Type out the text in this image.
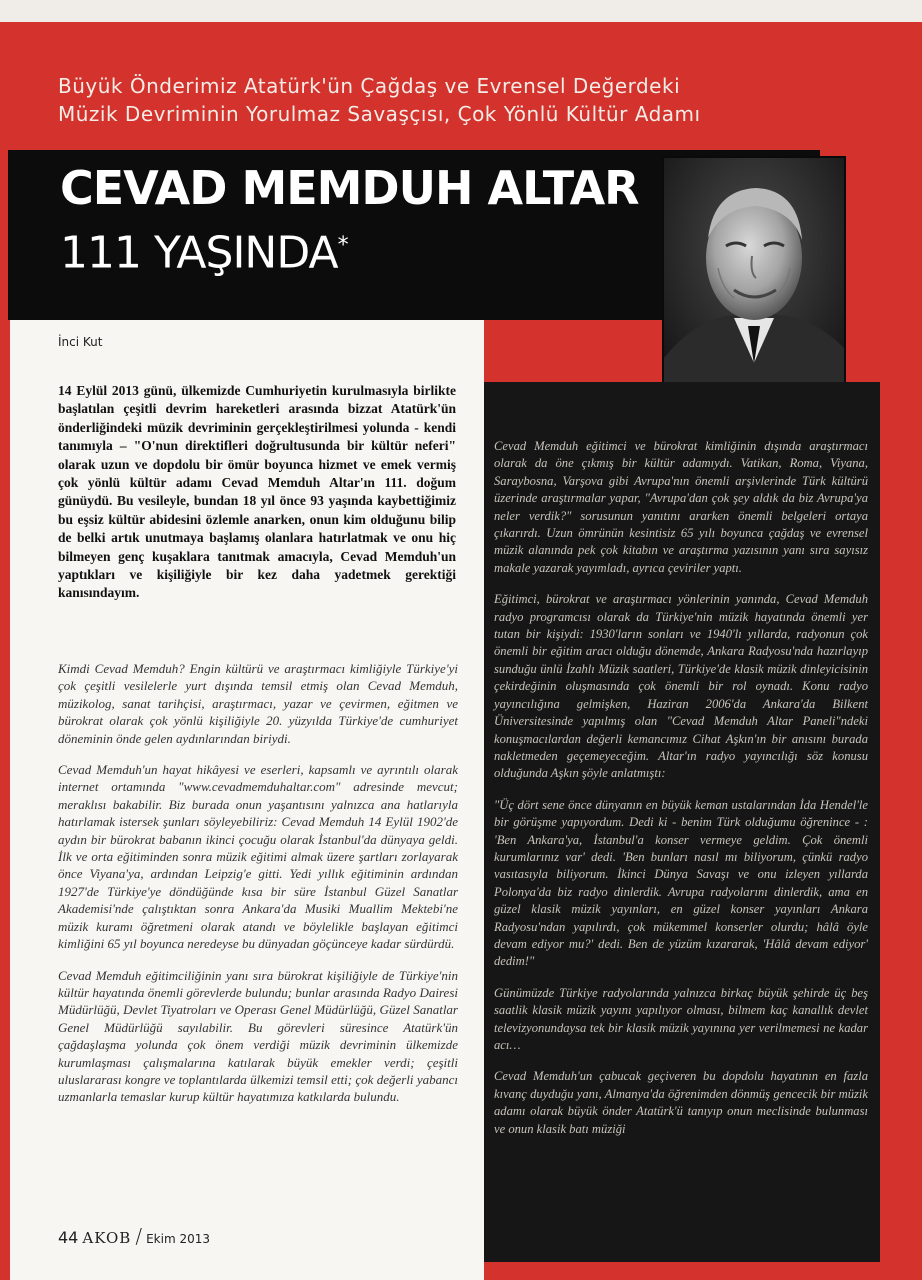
Büyük Önderimiz Atatürk'ün Çağdaş ve Evrensel Değerdeki
Müzik Devriminin Yorulmaz Savaşçısı, Çok Yönlü Kültür Adamı
CEVAD MEMDUH ALTAR
111 YAŞINDA*
İnci Kut

14 Eylül 2013 günü, ülkemizde Cumhuriyetin kurulmasıyla birlikte başlatılan çeşitli devrim hareketleri arasında bizzat Atatürk'ün önderliğindeki müzik devriminin gerçekleştirilmesi yolunda - kendi tanımıyla – "O'nun direktifleri doğrultusunda bir kültür neferi" olarak uzun ve dopdolu bir ömür boyunca hizmet ve emek vermiş çok yönlü kültür adamı Cevad Memduh Altar'ın 111. doğum günüydü. Bu vesileyle, bundan 18 yıl önce 93 yaşında kaybettiğimiz bu eşsiz kültür abidesini özlemle anarken, onun kim olduğunu bilip de belki artık unutmaya başlamış olanlara hatırlatmak ve onu hiç bilmeyen genç kuşaklara tanıtmak amacıyla, Cevad Memduh'un yaptıkları ve kişiliğiyle bir kez daha yadetmek gerektiği kanısındayım.

Kimdi Cevad Memduh? Engin kültürü ve araştırmacı kimliğiyle Türkiye'yi çok çeşitli vesilelerle yurt dışında temsil etmiş olan Cevad Memduh, müzikolog, sanat tarihçisi, araştırmacı, yazar ve çevirmen, eğitmen ve bürokrat olarak çok yönlü kişiliğiyle 20. yüzyılda Türkiye'de cumhuriyet döneminin önde gelen aydınlarından biriydi.

Cevad Memduh'un hayat hikâyesi ve eserleri, kapsamlı ve ayrıntılı olarak internet ortamında "www.cevadmemduhaltar.com" adresinde mevcut; meraklısı bakabilir. Biz burada onun yaşantısını yalnızca ana hatlarıyla hatırlamak istersek şunları söyleyebiliriz: Cevad Memduh 14 Eylül 1902'de aydın bir bürokrat babanın ikinci çocuğu olarak İstanbul'da dünyaya geldi. İlk ve orta eğitiminden sonra müzik eğitimi almak üzere şartları zorlayarak önce Viyana'ya, ardından Leipzig'e gitti. Yedi yıllık eğitiminin ardından 1927'de Türkiye'ye döndüğünde kısa bir süre İstanbul Güzel Sanatlar Akademisi'nde çalıştıktan sonra Ankara'da Musiki Muallim Mektebi'ne müzik kuramı öğretmeni olarak atandı ve böylelikle başlayan eğitimci kimliğini 65 yıl boyunca neredeyse bu dünyadan göçünceye kadar sürdürdü.

Cevad Memduh eğitimciliğinin yanı sıra bürokrat kişiliğiyle de Türkiye'nin kültür hayatında önemli görevlerde bulundu; bunlar arasında Radyo Dairesi Müdürlüğü, Devlet Tiyatroları ve Operası Genel Müdürlüğü, Güzel Sanatlar Genel Müdürlüğü sayılabilir. Bu görevleri süresince Atatürk'ün çağdaşlaşma yolunda çok önem verdiği müzik devriminin ülkemizde kurumlaşması çalışmalarına katılarak büyük emekler verdi; çeşitli uluslararası kongre ve toplantılarda ülkemizi temsil etti; çok değerli yabancı uzmanlarla temaslar kurup kültür hayatımıza katkılarda bulundu.

Cevad Memduh eğitimci ve bürokrat kimliğinin dışında araştırmacı olarak da öne çıkmış bir kültür adamıydı. Vatikan, Roma, Viyana, Saraybosna, Varşova gibi Avrupa'nın önemli arşivlerinde Türk kültürü üzerinde araştırmalar yapar, "Avrupa'dan çok şey aldık da biz Avrupa'ya neler verdik?" sorusunun yanıtını ararken önemli belgeleri ortaya çıkarırdı. Uzun ömrünün kesintisiz 65 yılı boyunca çağdaş ve evrensel müzik alanında pek çok kitabın ve araştırma yazısının yanı sıra sayısız makale yazarak yayımladı, ayrıca çeviriler yaptı.

Eğitimci, bürokrat ve araştırmacı yönlerinin yanında, Cevad Memduh radyo programcısı olarak da Türkiye'nin müzik hayatında önemli yer tutan bir kişiydi: 1930'ların sonları ve 1940'lı yıllarda, radyonun çok önemli bir eğitim aracı olduğu dönemde, Ankara Radyosu'nda hazırlayıp sunduğu ünlü İzahlı Müzik saatleri, Türkiye'de klasik müzik dinleyicisinin çekirdeğinin oluşmasında çok önemli bir rol oynadı. Konu radyo yayıncılığına gelmişken, Haziran 2006'da Ankara'da Bilkent Üniversitesinde yapılmış olan "Cevad Memduh Altar Paneli"ndeki konuşmacılardan değerli kemancımız Cihat Aşkın'ın bir anısını burada nakletmeden geçemeyeceğim. Altar'ın radyo yayıncılığı söz konusu olduğunda Aşkın şöyle anlatmıştı:

"Üç dört sene önce dünyanın en büyük keman ustalarından İda Hendel'le bir görüşme yapıyordum. Dedi ki - benim Türk olduğumu öğrenince - : 'Ben Ankara'ya, İstanbul'a konser vermeye geldim. Çok önemli kurumlarınız var' dedi. 'Ben bunları nasıl mı biliyorum, çünkü radyo vasıtasıyla biliyorum. İkinci Dünya Savaşı ve onu izleyen yıllarda Polonya'da biz radyo dinlerdik. Avrupa radyolarını dinlerdik, ama en güzel klasik müzik yayınları, en güzel konser yayınları Ankara Radyosu'ndan yapılırdı, çok mükemmel konserler olurdu; hâlâ öyle devam ediyor mu?' dedi. Ben de yüzüm kızararak, 'Hâlâ devam ediyor' dedim!"

Günümüzde Türkiye radyolarında yalnızca birkaç büyük şehirde üç beş saatlik klasik müzik yayını yapılıyor olması, bilmem kaç kanallık devlet televizyonundaysa tek bir klasik müzik yayınına yer verilmemesi ne kadar acı…

Cevad Memduh'un çabucak geçiveren bu dopdolu hayatının en fazla kıvanç duyduğu yanı, Almanya'da öğrenimden dönmüş gencecik bir müzik adamı olarak büyük önder Atatürk'ü tanıyıp onun meclisinde bulunması ve onun klasik batı müziği

44 AKOB / Ekim 2013
